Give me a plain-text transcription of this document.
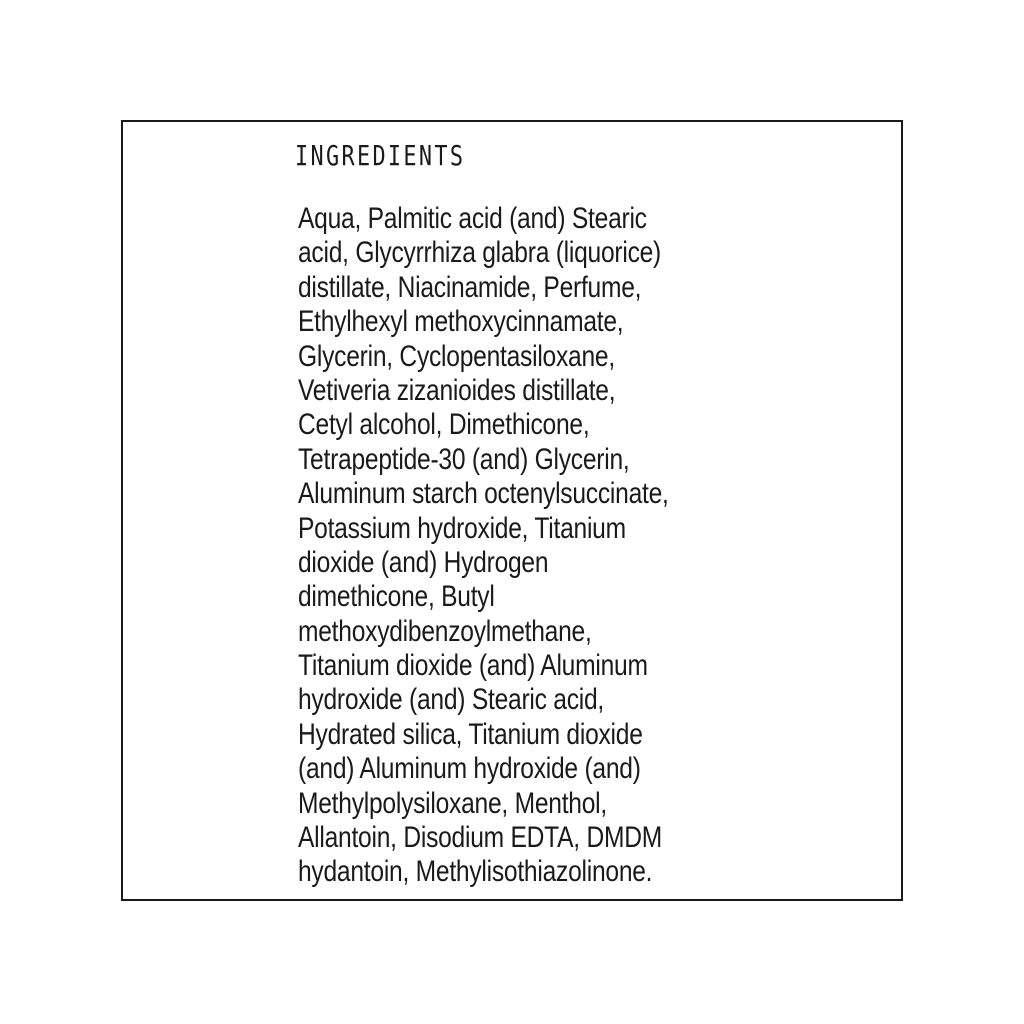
INGREDIENTS
Aqua, Palmitic acid (and) Stearic
acid, Glycyrrhiza glabra (liquorice)
distillate, Niacinamide, Perfume,
Ethylhexyl methoxycinnamate,
Glycerin, Cyclopentasiloxane,
Vetiveria zizanioides distillate,
Cetyl alcohol, Dimethicone,
Tetrapeptide-30 (and) Glycerin,
Aluminum starch octenylsuccinate,
Potassium hydroxide, Titanium
dioxide (and) Hydrogen
dimethicone, Butyl
methoxydibenzoylmethane,
Titanium dioxide (and) Aluminum
hydroxide (and) Stearic acid,
Hydrated silica, Titanium dioxide
(and) Aluminum hydroxide (and)
Methylpolysiloxane, Menthol,
Allantoin, Disodium EDTA, DMDM
hydantoin, Methylisothiazolinone.
